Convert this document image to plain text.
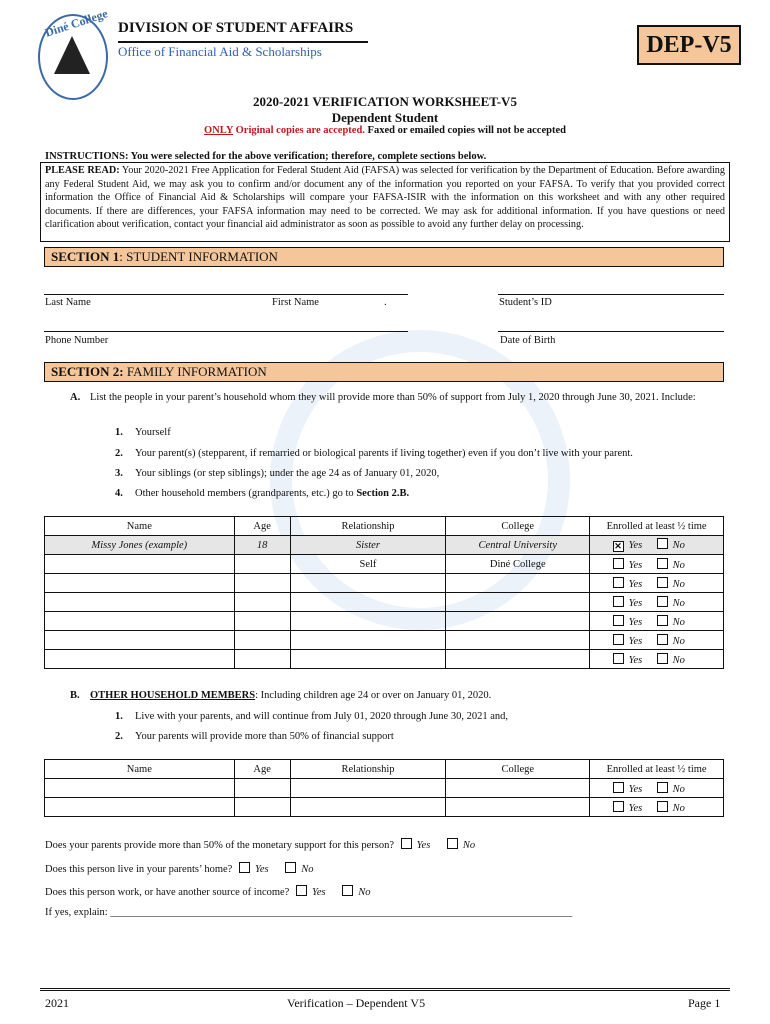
Diné College DIVISION OF STUDENT AFFAIRS
Office of Financial Aid & Scholarships	DEP-V5
2020-2021 VERIFICATION WORKSHEET-V5
Dependent Student
ONLY Original copies are accepted. Faxed or emailed copies will not be accepted
INSTRUCTIONS: You were selected for the above verification; therefore, complete sections below.
PLEASE READ: Your 2020-2021 Free Application for Federal Student Aid (FAFSA) was selected for verification by the Department of Education. Before awarding any Federal Student Aid, we may ask you to confirm and/or document any of the information you reported on your FAFSA. To verify that you provided correct information the Office of Financial Aid & Scholarships will compare your FAFSA-ISIR with the information on this worksheet and with any other required documents. If there are differences, your FAFSA information may need to be corrected. We may ask for additional information. If you have questions or need clarification about verification, contact your financial aid administrator as soon as possible to avoid any further delay on processing.
SECTION 1: STUDENT INFORMATION
Last Name	First Name	.	Student’s ID
Phone Number	Date of Birth
SECTION 2: FAMILY INFORMATION
A. List the people in your parent’s household whom they will provide more than 50% of support from July 1, 2020 through June 30, 2021. Include:
1. Yourself
2. Your parent(s) (stepparent, if remarried or biological parents if living together) even if you don’t live with your parent.
3. Your siblings (or step siblings); under the age 24 as of January 01, 2020,
4. Other household members (grandparents, etc.) go to Section 2.B.
Name	Age	Relationship	College	Enrolled at least ½ time
Missy Jones (example)	18	Sister	Central University	✕ Yes No
		Self	Diné College	Yes No
				Yes No
				Yes No
				Yes No
				Yes No
				Yes No
B. OTHER HOUSEHOLD MEMBERS: Including children age 24 or over on January 01, 2020.
1. Live with your parents, and will continue from July 01, 2020 through June 30, 2021 and,
2. Your parents will provide more than 50% of financial support
Name	Age	Relationship	College	Enrolled at least ½ time
				Yes No
				Yes No
Does your parents provide more than 50% of the monetary support for this person? Yes	No
Does this person live in your parents’ home? Yes	No
Does this person work, or have another source of income? Yes	No
If yes, explain: ________________________________________________________________________________________
2021	Verification – Dependent V5	Page 1
